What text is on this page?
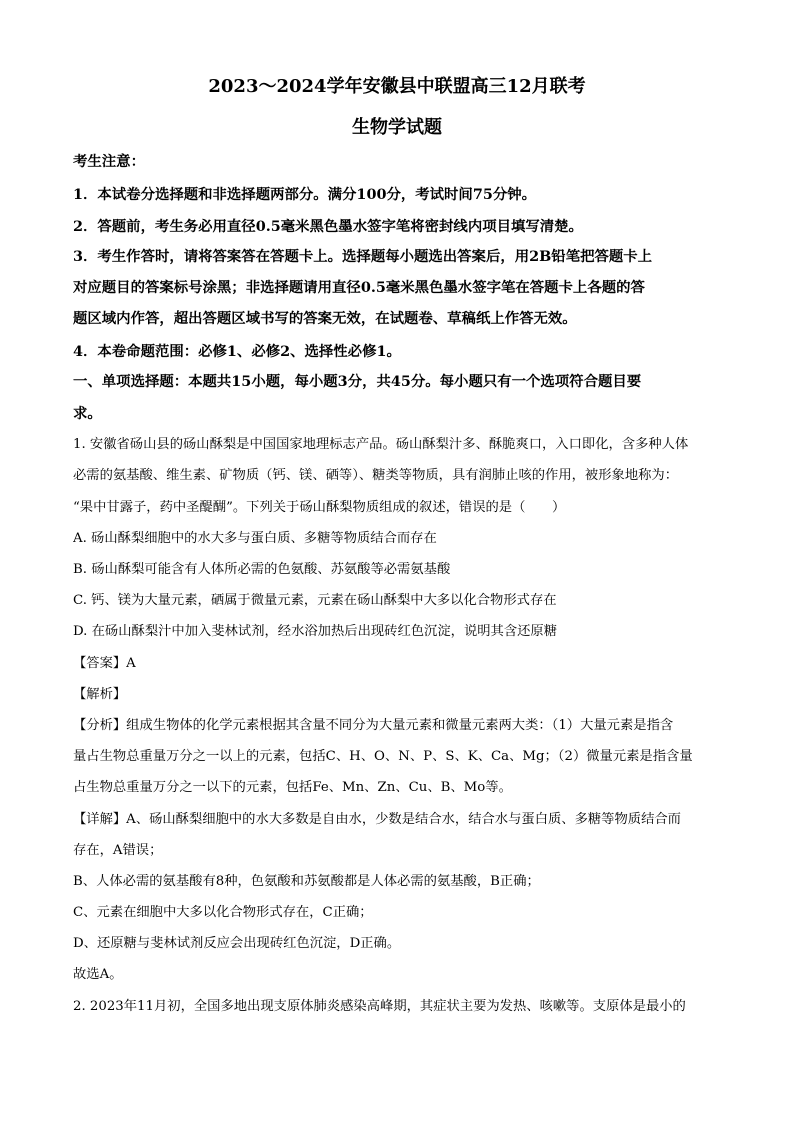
2023～2024学年安徽县中联盟高三12月联考
生物学试题
考生注意：
1．本试卷分选择题和非选择题两部分。满分100分，考试时间75分钟。
2．答题前，考生务必用直径0.5毫米黑色墨水签字笔将密封线内项目填写清楚。
3．考生作答时，请将答案答在答题卡上。选择题每小题选出答案后，用2B铅笔把答题卡上
对应题目的答案标号涂黑；非选择题请用直径0.5毫米黑色墨水签字笔在答题卡上各题的答
题区域内作答，超出答题区域书写的答案无效，在试题卷、草稿纸上作答无效。
4．本卷命题范围：必修1、必修2、选择性必修1。
一、单项选择题：本题共15小题，每小题3分，共45分。每小题只有一个选项符合题目要
求。
1. 安徽省砀山县的砀山酥梨是中国国家地理标志产品。砀山酥梨汁多、酥脆爽口，入口即化，含多种人体
必需的氨基酸、维生素、矿物质（钙、镁、硒等）、糖类等物质，具有润肺止咳的作用，被形象地称为：
“果中甘露子，药中圣醍醐”。下列关于砀山酥梨物质组成的叙述，错误的是（　　）
A. 砀山酥梨细胞中的水大多与蛋白质、多糖等物质结合而存在
B. 砀山酥梨可能含有人体所必需的色氨酸、苏氨酸等必需氨基酸
C. 钙、镁为大量元素，硒属于微量元素，元素在砀山酥梨中大多以化合物形式存在
D. 在砀山酥梨汁中加入斐林试剂，经水浴加热后出现砖红色沉淀，说明其含还原糖
【答案】A
【解析】
【分析】组成生物体的化学元素根据其含量不同分为大量元素和微量元素两大类：（1）大量元素是指含
量占生物总重量万分之一以上的元素，包括C、H、O、N、P、S、K、Ca、Mg；（2）微量元素是指含量
占生物总重量万分之一以下的元素，包括Fe、Mn、Zn、Cu、B、Mo等。
【详解】A、砀山酥梨细胞中的水大多数是自由水，少数是结合水，结合水与蛋白质、多糖等物质结合而
存在，A错误；
B、人体必需的氨基酸有8种，色氨酸和苏氨酸都是人体必需的氨基酸，B正确；
C、元素在细胞中大多以化合物形式存在，C正确；
D、还原糖与斐林试剂反应会出现砖红色沉淀，D正确。
故选A。
2. 2023年11月初，全国多地出现支原体肺炎感染高峰期，其症状主要为发热、咳嗽等。支原体是最小的
